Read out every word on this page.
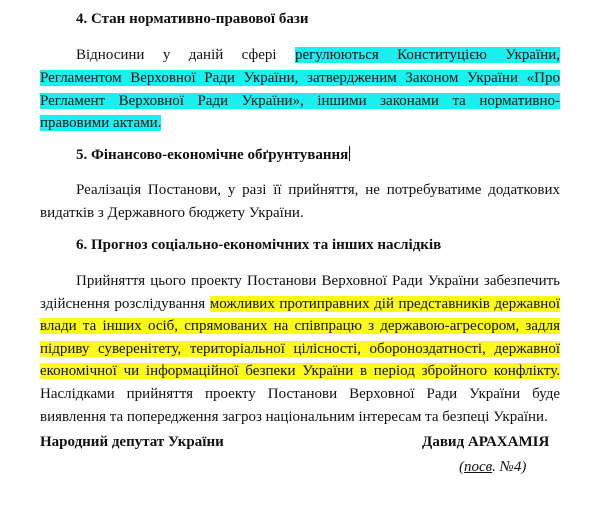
4. Стан нормативно-правової бази
Відносини у даній сфері регулюються Конституцією України,
Регламентом Верховної Ради України, затвердженим Законом України «Про
Регламент Верховної Ради України», іншими законами та нормативно-
правовими актами.
5. Фінансово-економічне обґрунтування
Реалізація Постанови, у разі її прийняття, не потребуватиме додаткових
видатків з Державного бюджету України.
6. Прогноз соціально-економічних та інших наслідків
Прийняття цього проекту Постанови Верховної Ради України забезпечить
здійснення розслідування можливих протиправних дій представників державної
влади та інших осіб, спрямованих на співпрацю з державою-агресором, задля
підриву суверенітету, територіальної цілісності, обороноздатності, державної
економічної чи інформаційної безпеки України в період збройного конфлікту.
Наслідками прийняття проекту Постанови Верховної Ради України буде
виявлення та попередження загроз національним інтересам та безпеці України.
Народний депутат України	Давид АРАХАМІЯ
(посв. №4)
